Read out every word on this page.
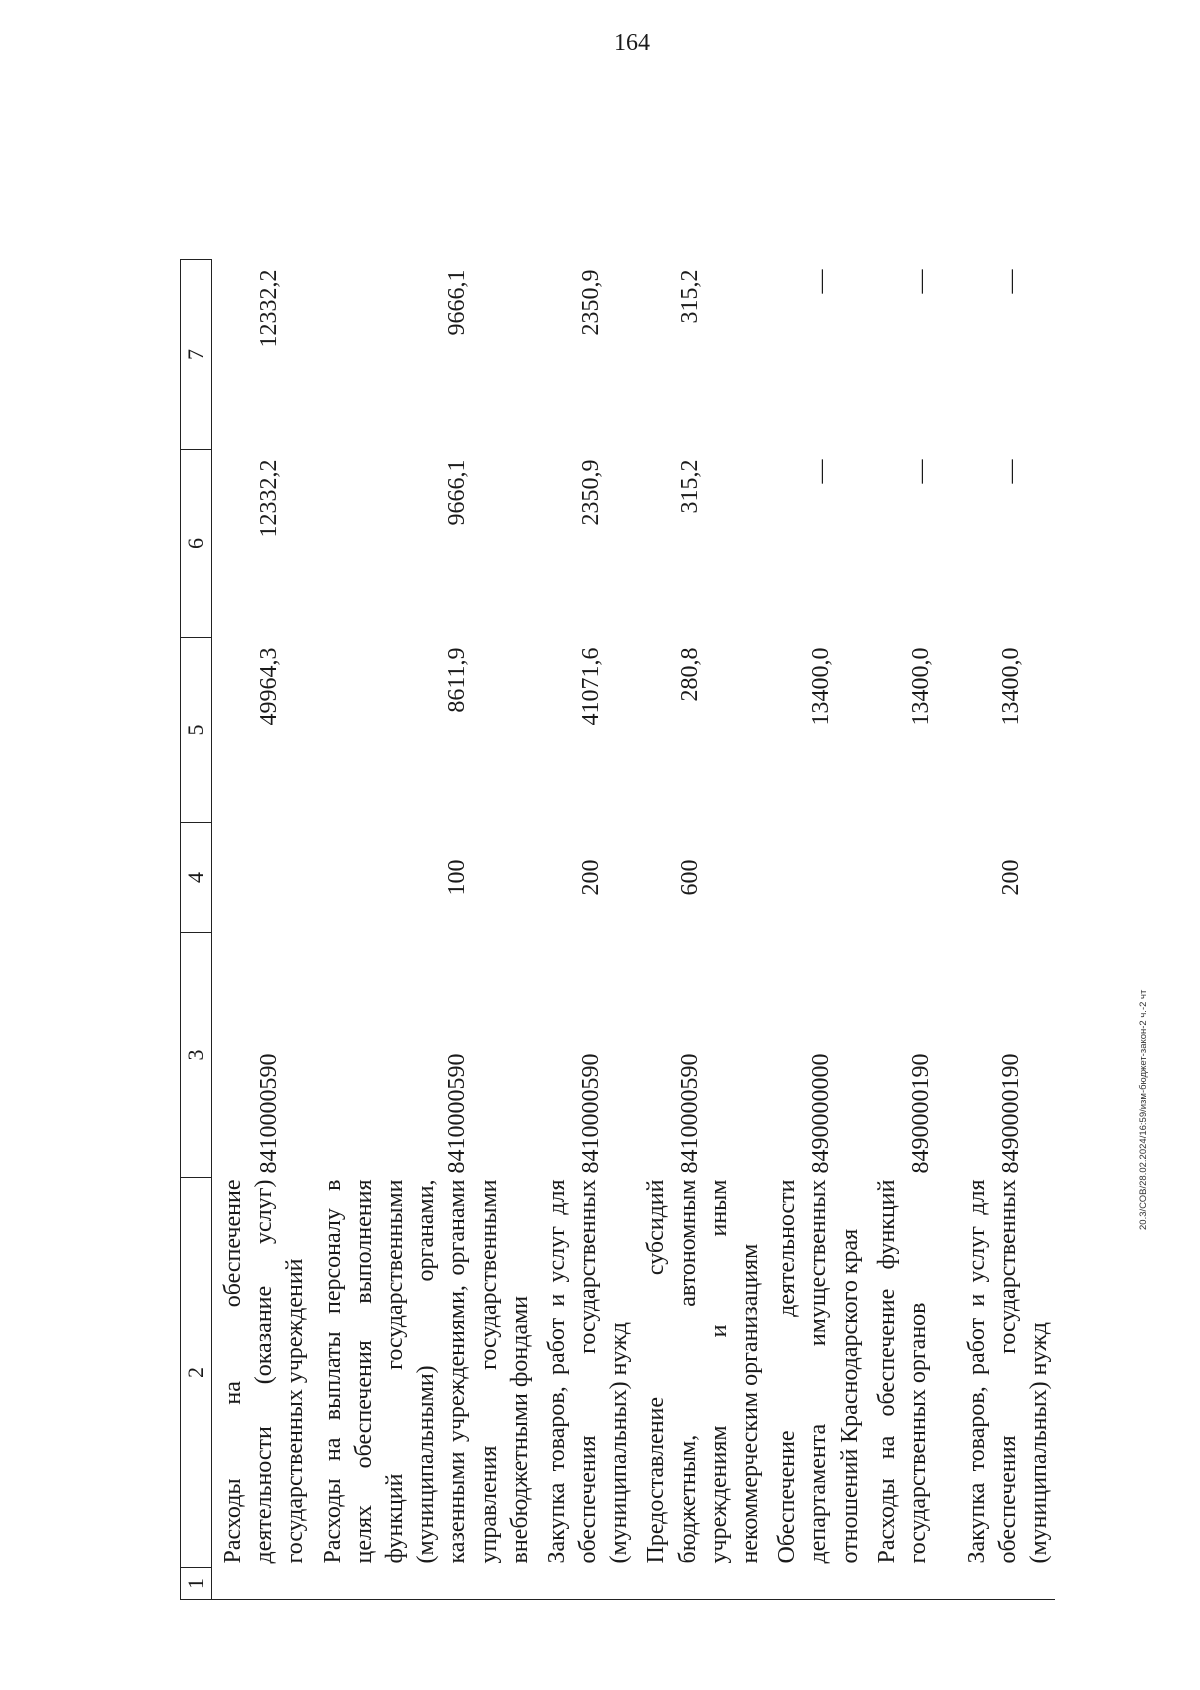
164
20.3/СОВ/28.02.2024/16:59/изм-бюджет-закон-2 ч.-2 чт
1	2	3	4	5	6	7
	Расходы на обеспечение деятельности (оказание услуг) государственных учреждений	8410000590		49964,3	12332,2	12332,2
	Расходы на выплаты персоналу в целях обеспечения выполнения функций государственными (муниципальными) органами, казенными учреждениями, органами управления государственными внебюджетными фондами	8410000590	100	8611,9	9666,1	9666,1
	Закупка товаров, работ и услуг для обеспечения государственных (муниципальных) нужд	8410000590	200	41071,6	2350,9	2350,9
	Предоставление субсидий бюджетным, автономным учреждениям и иным некоммерческим организациям	8410000590	600	280,8	315,2	315,2
	Обеспечение деятельности департамента имущественных отношений Краснодарского края	8490000000		13400,0	—	—
	Расходы на обеспечение функций государственных органов	8490000190		13400,0	—	—
	Закупка товаров, работ и услуг для обеспечения государственных (муниципальных) нужд	8490000190	200	13400,0	—	—
